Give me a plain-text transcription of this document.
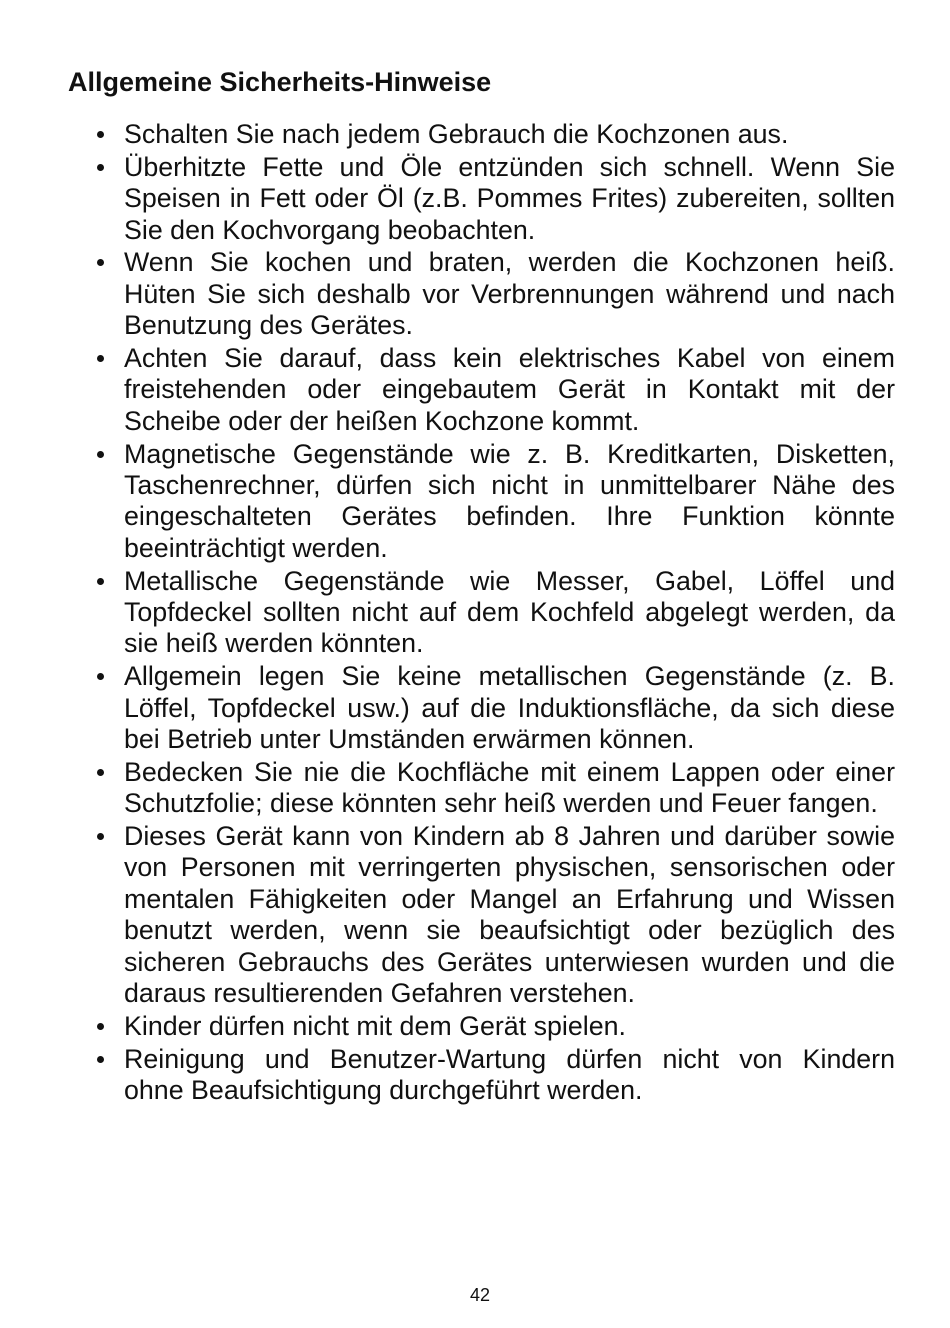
Allgemeine Sicherheits-Hinweise
Schalten Sie nach jedem Gebrauch die Kochzonen aus.
Überhitzte Fette und Öle entzünden sich schnell. Wenn Sie
Speisen in Fett oder Öl (z.B. Pommes Frites) zubereiten, sollten
Sie den Kochvorgang beobachten.
Wenn Sie kochen und braten, werden die Kochzonen heiß.
Hüten Sie sich deshalb vor Verbrennungen während und nach
Benutzung des Gerätes.
Achten Sie darauf, dass kein elektrisches Kabel von einem
freistehenden oder eingebautem Gerät in Kontakt mit der
Scheibe oder der heißen Kochzone kommt.
Magnetische Gegenstände wie z. B. Kreditkarten, Disketten,
Taschenrechner, dürfen sich nicht in unmittelbarer Nähe des
eingeschalteten Gerätes befinden. Ihre Funktion könnte
beeinträchtigt werden.
Metallische Gegenstände wie Messer, Gabel, Löffel und
Topfdeckel sollten nicht auf dem Kochfeld abgelegt werden, da
sie heiß werden könnten.
Allgemein legen Sie keine metallischen Gegenstände (z. B.
Löffel, Topfdeckel usw.) auf die Induktionsfläche, da sich diese
bei Betrieb unter Umständen erwärmen können.
Bedecken Sie nie die Kochfläche mit einem Lappen oder einer
Schutzfolie; diese könnten sehr heiß werden und Feuer fangen.
Dieses Gerät kann von Kindern ab 8 Jahren und darüber sowie
von Personen mit verringerten physischen, sensorischen oder
mentalen Fähigkeiten oder Mangel an Erfahrung und Wissen
benutzt werden, wenn sie beaufsichtigt oder bezüglich des
sicheren Gebrauchs des Gerätes unterwiesen wurden und die
daraus resultierenden Gefahren verstehen.
Kinder dürfen nicht mit dem Gerät spielen.
Reinigung und Benutzer-Wartung dürfen nicht von Kindern
ohne Beaufsichtigung durchgeführt werden.
42
